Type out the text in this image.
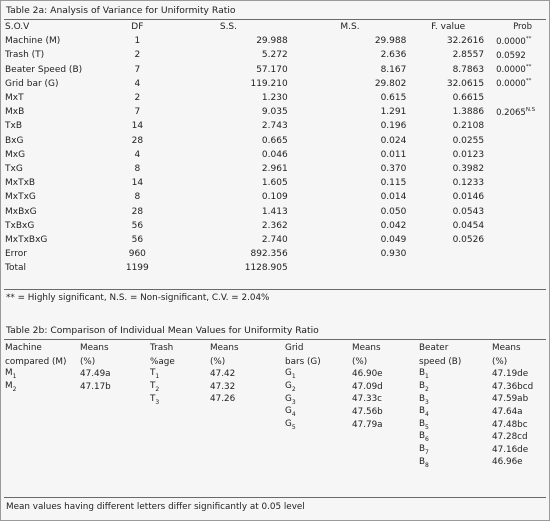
Table 2a: Analysis of Variance for Uniformity Ratio
S.O.V	DF	S.S.	M.S.	F. value	Prob
Machine (M)	1	29.988	29.988	32.2616	0.0000**
Trash (T)	2	5.272	2.636	2.8557	0.0592
Beater Speed (B)	7	57.170	8.167	8.7863	0.0000**
Grid bar (G)	4	119.210	29.802	32.0615	0.0000**
MxT	2	1.230	0.615	0.6615	
MxB	7	9.035	1.291	1.3886	$0.2065^{N.S}$
TxB	14	2.743	0.196	0.2108	
BxG	28	0.665	0.024	0.0255	
MxG	4	0.046	0.011	0.0123	
TxG	8	2.961	0.370	0.3982	
MxTxB	14	1.605	0.115	0.1233	
MxTxG	8	0.109	0.014	0.0146	
MxBxG	28	1.413	0.050	0.0543	
TxBxG	56	2.362	0.042	0.0454	
MxTxBxG	56	2.740	0.049	0.0526	
Error	960	892.356	0.930		
Total	1199	1128.905			
** = Highly significant, N.S. = Non-significant, C.V. = 2.04%
Table 2b: Comparison of Individual Mean Values for Uniformity Ratio
Machine	Means	Trash	Means	Grid	Means	Beater	Means
compared (M)	(%)	%age	(%)	bars (G)	(%)	speed (B)	(%)
$M_1$	47.49a	$T_1$	47.42	$G_1$	46.90e	$B_1$	47.19de
$M_2$	47.17b	$T_2$	47.32	$G_2$	47.09d	$B_2$	47.36bcd
		$T_3$	47.26	$G_3$	47.33c	$B_3$	47.59ab
				$G_4$	47.56b	$B_4$	47.64a
				$G_5$	47.79a	$B_5$	47.48bc
						$B_6$	47.28cd
						$B_7$	47.16de
						$B_8$	46.96e
Mean values having different letters differ significantly at 0.05 level
